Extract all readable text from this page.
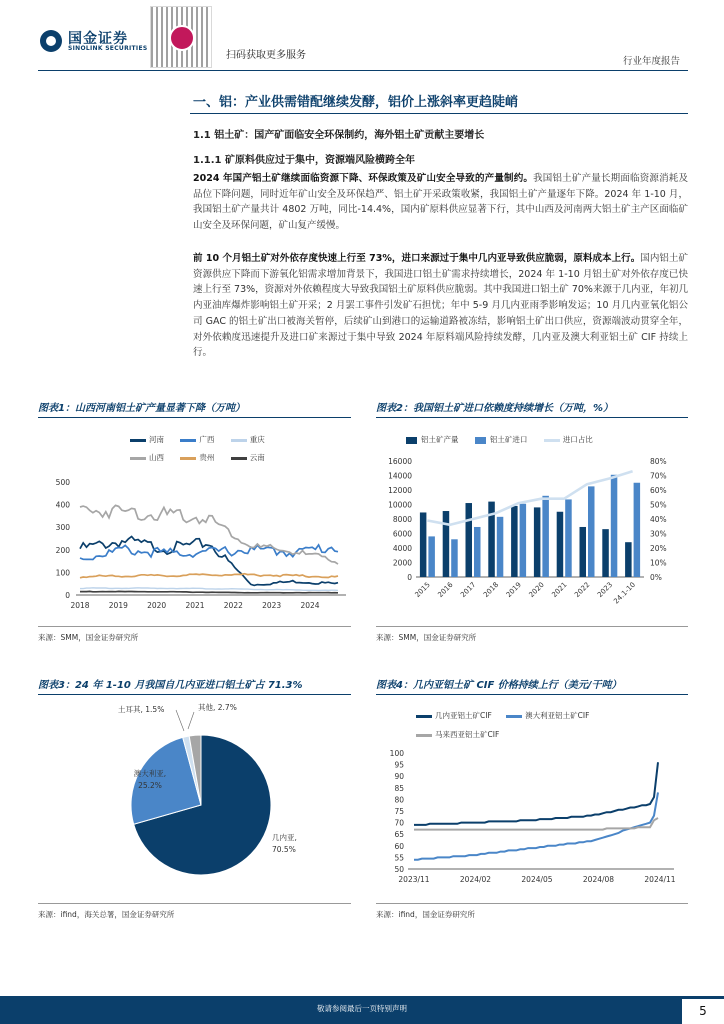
国金证券
SINOLINK SECURITIES
扫码获取更多服务
行业年度报告
一、铝：产业供需错配继续发酵，铝价上涨斜率更趋陡峭
1.1 铝土矿：国产矿面临安全环保制约，海外铝土矿贡献主要增长
1.1.1 矿原料供应过于集中，资源端风险横跨全年
2024 年国产铝土矿继续面临资源下降、环保政策及矿山安全导致的产量制约。我国铝土矿产量长期面临资源消耗及品位下降问题，同时近年矿山安全及环保趋严、铝土矿开采政策收紧，我国铝土矿产量逐年下降。2024 年 1-10 月，我国铝土矿产量共计 4802 万吨，同比-14.4%，国内矿原料供应显著下行，其中山西及河南两大铝土矿主产区面临矿山安全及环保问题，矿山复产缓慢。
前 10 个月铝土矿对外依存度快速上行至 73%，进口来源过于集中几内亚导致供应脆弱，原料成本上行。国内铝土矿资源供应下降而下游氧化铝需求增加背景下，我国进口铝土矿需求持续增长，2024 年 1-10 月铝土矿对外依存度已快速上行至 73%，资源对外依赖程度大导致我国铝土矿原料供应脆弱。其中我国进口铝土矿 70%来源于几内亚，年初几内亚油库爆炸影响铝土矿开采；2 月罢工事件引发矿石担忧；年中 5-9 月几内亚雨季影响发运；10 月几内亚氧化铝公司 GAC 的铝土矿出口被海关暂停，后续矿山到港口的运输道路被冻结，影响铝土矿出口供应，资源端波动贯穿全年，对外依赖度迅速提升及进口矿来源过于集中导致 2024 年原料端风险持续发酵，几内亚及澳大利亚铝土矿 CIF 持续上行。
图表1：山西河南铝土矿产量显著下降（万吨）
河南	广西	重庆
山西	贵州	云南
0
100
200
300
400
500
2018	2019	2020	2021	2022	2023	2024
来源：SMM，国金证券研究所
图表2：我国铝土矿进口依赖度持续增长（万吨，%）
铝土矿产量	铝土矿进口	进口占比
0
2000
4000
6000
8000
10000
12000
14000
16000
0%
10%
20%
30%
40%
50%
60%
70%
80%
2015 2016 2017 2018 2019 2020 2021 2022 2023
24.1-10
来源：SMM，国金证券研究所
图表3：24 年 1-10 月我国自几内亚进口铝土矿占 71.3%
几内亚,
70.5%
澳大利亚,
25.2%
土耳其, 1.5%	其他, 2.7%
来源：ifind，海关总署，国金证券研究所
图表4：几内亚铝土矿 CIF 价格持续上行（美元/干吨）
几内亚铝土矿CIF	澳大利亚铝土矿CIF
马来西亚铝土矿CIF
50
55
60
65
70
75
80
85
90
95
100
2023/11	2024/02	2024/05	2024/08	2024/11
来源：ifind，国金证券研究所
敬请参阅最后一页特别声明	5
